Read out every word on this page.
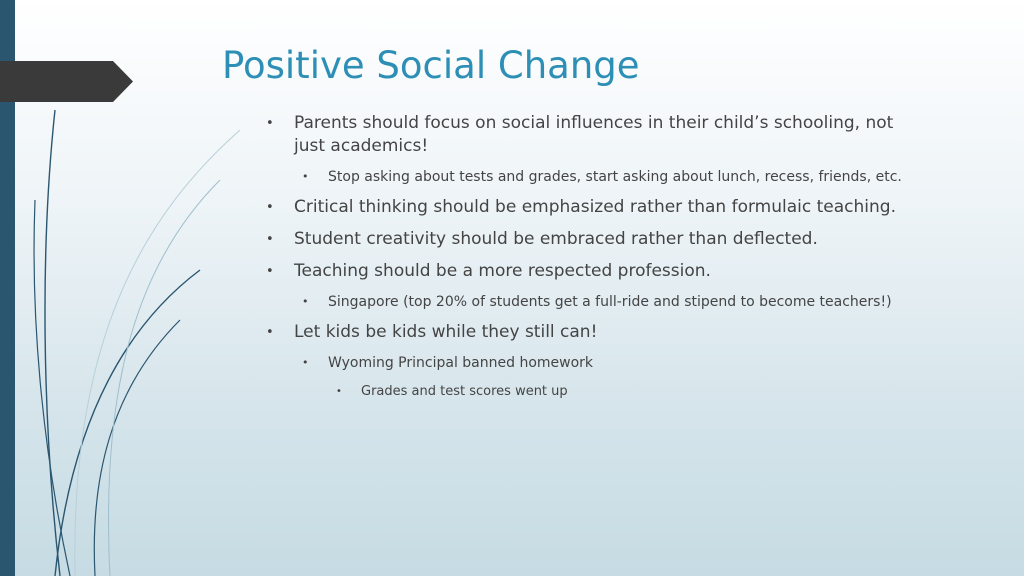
Positive Social Change
• Parents should focus on social influences in their child’s schooling, not just academics!
• Stop asking about tests and grades, start asking about lunch, recess, friends, etc.
• Critical thinking should be emphasized rather than formulaic teaching.
• Student creativity should be embraced rather than deflected.
• Teaching should be a more respected profession.
• Singapore (top 20% of students get a full-ride and stipend to become teachers!)
• Let kids be kids while they still can!
• Wyoming Principal banned homework
• Grades and test scores went up
